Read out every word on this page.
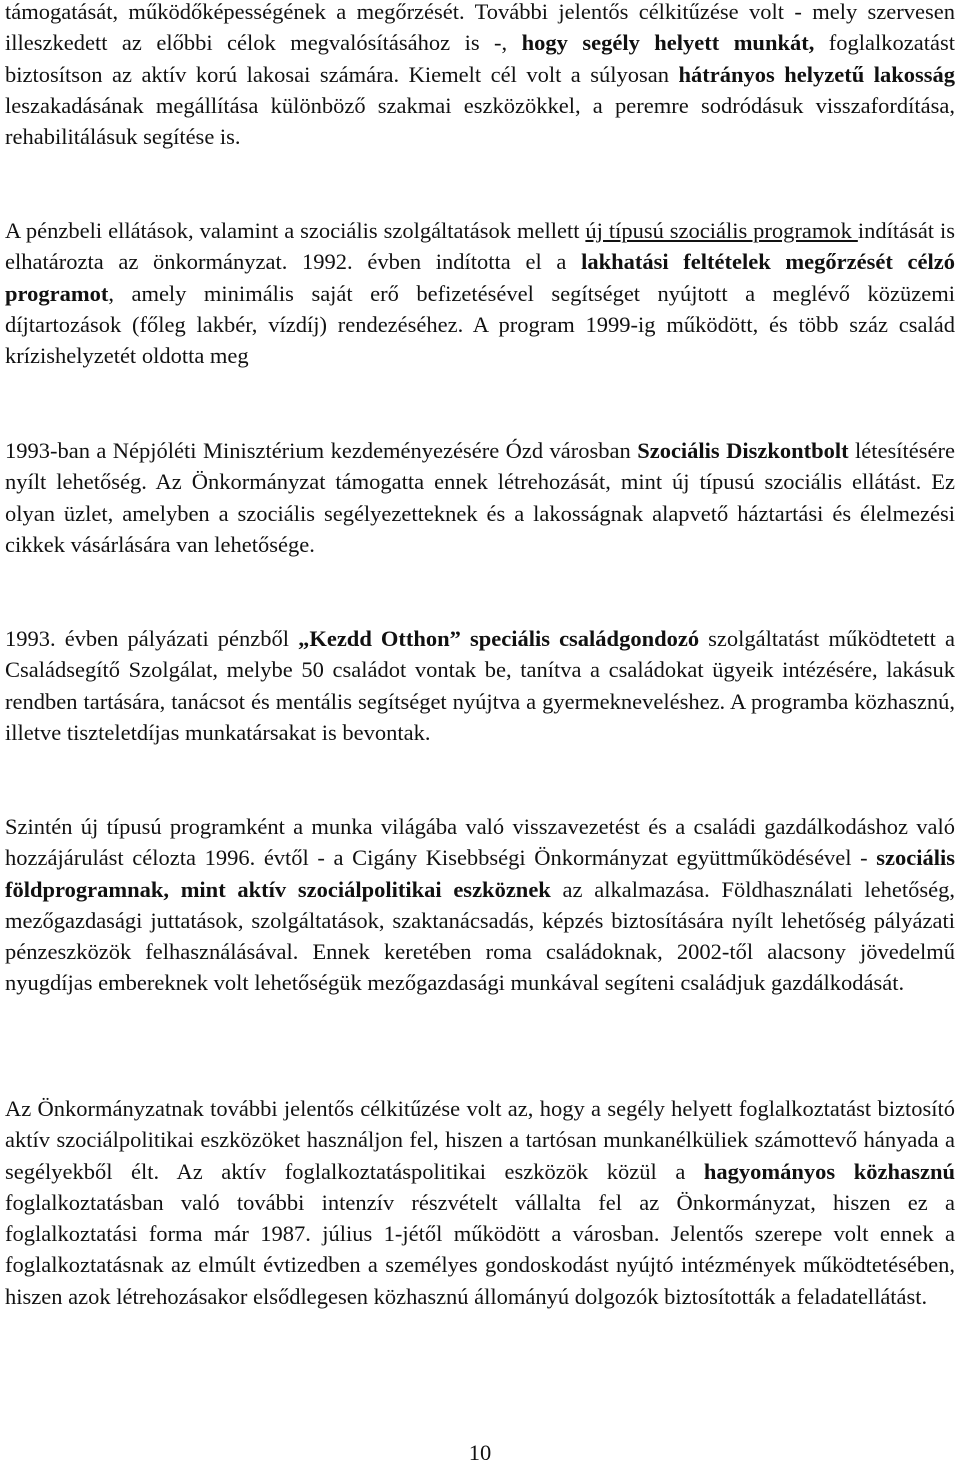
támogatását, működőképességének a megőrzését. További jelentős célkitűzése volt - mely szervesen illeszkedett az előbbi célok megvalósításához is -, hogy segély helyett munkát, foglalkozatást biztosítson az aktív korú lakosai számára. Kiemelt cél volt a súlyosan hátrányos helyzetű lakosság leszakadásának megállítása különböző szakmai eszközökkel, a peremre sodródásuk visszafordítása, rehabilitálásuk segítése is.

A pénzbeli ellátások, valamint a szociális szolgáltatások mellett új típusú szociális programok indítását is elhatározta az önkormányzat. 1992. évben indította el a lakhatási feltételek megőrzését célzó programot, amely minimális saját erő befizetésével segítséget nyújtott a meglévő közüzemi díjtartozások (főleg lakbér, vízdíj) rendezéséhez. A program 1999-ig működött, és több száz család krízishelyzetét oldotta meg

1993-ban a Népjóléti Minisztérium kezdeményezésére Ózd városban Szociális Diszkontbolt létesítésére nyílt lehetőség. Az Önkormányzat támogatta ennek létrehozását, mint új típusú szociális ellátást. Ez olyan üzlet, amelyben a szociális segélyezetteknek és a lakosságnak alapvető háztartási és élelmezési cikkek vásárlására van lehetősége.

1993. évben pályázati pénzből „Kezdd Otthon” speciális családgondozó szolgáltatást működtetett a Családsegítő Szolgálat, melybe 50 családot vontak be, tanítva a családokat ügyeik intézésére, lakásuk rendben tartására, tanácsot és mentális segítséget nyújtva a gyermekneveléshez. A programba közhasznú, illetve tiszteletdíjas munkatársakat is bevontak.

Szintén új típusú programként a munka világába való visszavezetést és a családi gazdálkodáshoz való hozzájárulást célozta 1996. évtől - a Cigány Kisebbségi Önkormányzat együttműködésével - szociális földprogramnak, mint aktív szociálpolitikai eszköznek az alkalmazása. Földhasználati lehetőség, mezőgazdasági juttatások, szolgáltatások, szaktanácsadás, képzés biztosítására nyílt lehetőség pályázati pénzeszközök felhasználásával. Ennek keretében roma családoknak, 2002-től alacsony jövedelmű nyugdíjas embereknek volt lehetőségük mezőgazdasági munkával segíteni családjuk gazdálkodását.

Az Önkormányzatnak további jelentős célkitűzése volt az, hogy a segély helyett foglalkoztatást biztosító aktív szociálpolitikai eszközöket használjon fel, hiszen a tartósan munkanélküliek számottevő hányada a segélyekből élt. Az aktív foglalkoztatáspolitikai eszközök közül a hagyományos közhasznú foglalkoztatásban való további intenzív részvételt vállalta fel az Önkormányzat, hiszen ez a foglalkoztatási forma már 1987. július 1-jétől működött a városban. Jelentős szerepe volt ennek a foglalkoztatásnak az elmúlt évtizedben a személyes gondoskodást nyújtó intézmények működtetésében, hiszen azok létrehozásakor elsődlegesen közhasznú állományú dolgozók biztosították a feladatellátást.

10
